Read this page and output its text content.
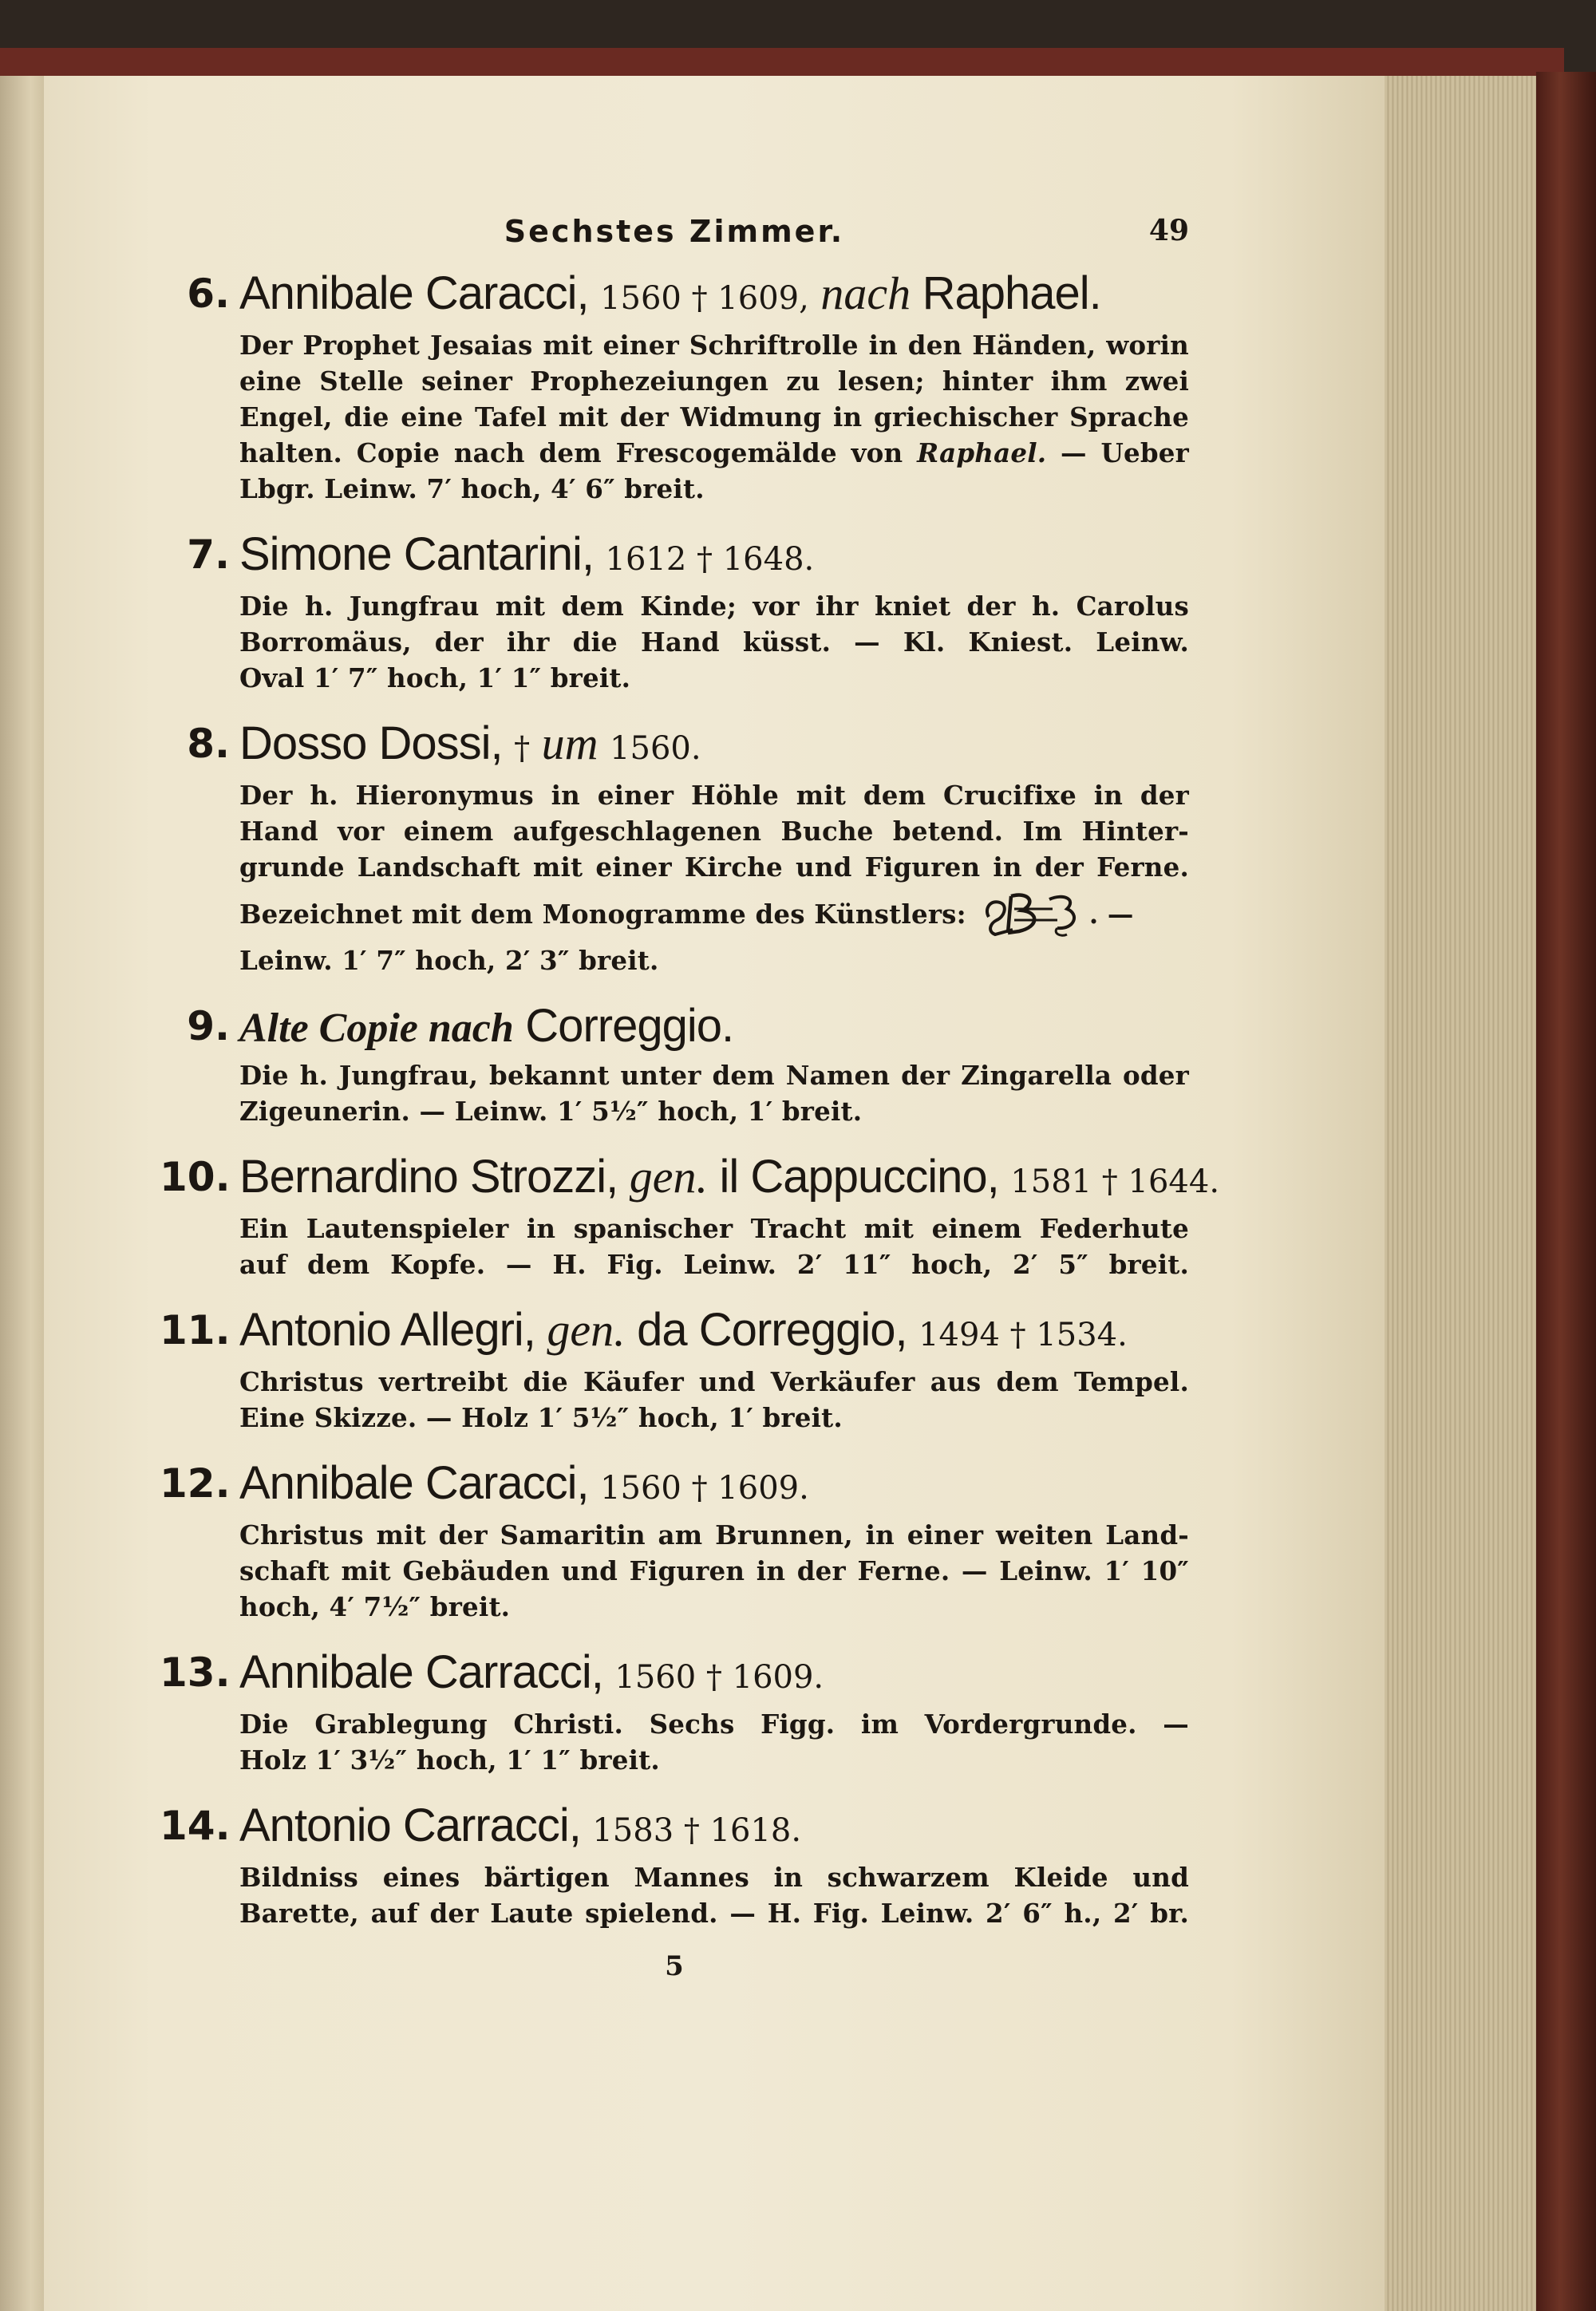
Sechstes Zimmer.	49
6. Annibale Caracci, 1560 † 1609, nach Raphael.
Der Prophet Jesaias mit einer Schriftrolle in den Händen, worin
eine Stelle seiner Prophezeiungen zu lesen; hinter ihm zwei
Engel, die eine Tafel mit der Widmung in griechischer Sprache
halten. Copie nach dem Frescogemälde von Raphael. — Ueber
Lbgr. Leinw. 7′ hoch, 4′ 6″ breit.
7. Simone Cantarini, 1612 † 1648.
Die h. Jungfrau mit dem Kinde; vor ihr kniet der h. Carolus
Borromäus, der ihr die Hand küsst. — Kl. Kniest. Leinw.
Oval 1′ 7″ hoch, 1′ 1″ breit.
8. Dosso Dossi, † um 1560.
Der h. Hieronymus in einer Höhle mit dem Crucifixe in der
Hand vor einem aufgeschlagenen Buche betend. Im Hinter-
grunde Landschaft mit einer Kirche und Figuren in der Ferne.
Bezeichnet mit dem Monogramme des Künstlers:	. —
Leinw. 1′ 7″ hoch, 2′ 3″ breit.
9. Alte Copie nach Correggio.
Die h. Jungfrau, bekannt unter dem Namen der Zingarella oder
Zigeunerin. — Leinw. 1′ 5½″ hoch, 1′ breit.
10. Bernardino Strozzi, gen. il Cappuccino, 1581 † 1644.
Ein Lautenspieler in spanischer Tracht mit einem Federhute
auf dem Kopfe. — H. Fig. Leinw. 2′ 11″ hoch, 2′ 5″ breit.
11. Antonio Allegri, gen. da Correggio, 1494 † 1534.
Christus vertreibt die Käufer und Verkäufer aus dem Tempel.
Eine Skizze. — Holz 1′ 5½″ hoch, 1′ breit.
12. Annibale Caracci, 1560 † 1609.
Christus mit der Samaritin am Brunnen, in einer weiten Land-
schaft mit Gebäuden und Figuren in der Ferne. — Leinw. 1′ 10″
hoch, 4′ 7½″ breit.
13. Annibale Carracci, 1560 † 1609.
Die Grablegung Christi. Sechs Figg. im Vordergrunde. —
Holz 1′ 3½″ hoch, 1′ 1″ breit.
14. Antonio Carracci, 1583 † 1618.
Bildniss eines bärtigen Mannes in schwarzem Kleide und
Barette, auf der Laute spielend. — H. Fig. Leinw. 2′ 6″ h., 2′ br.
5
